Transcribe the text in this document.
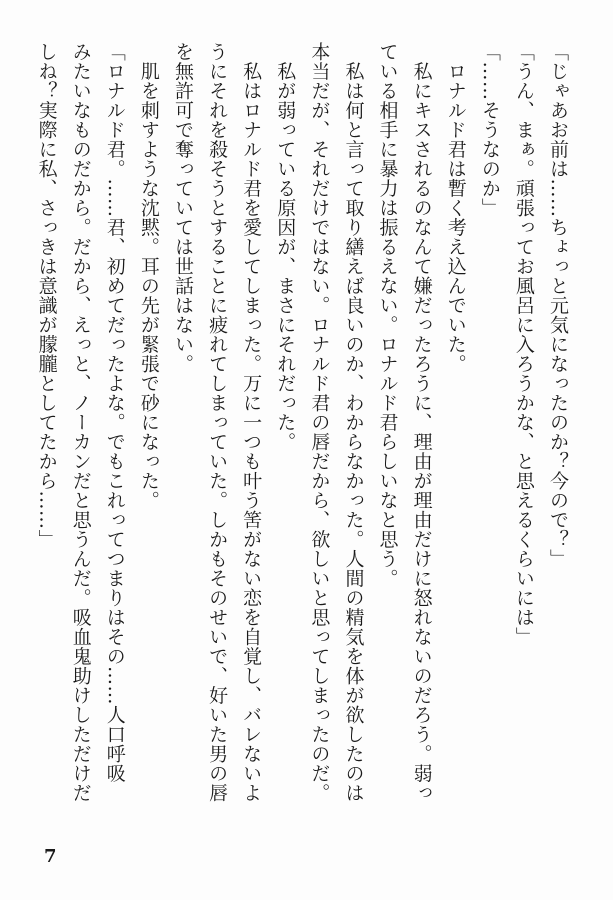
「じゃあお前は……ちょっと元気になったのか？今ので？」
「うん、まぁ。頑張ってお風呂に入ろうかな、と思えるくらいには」
「……そうなのか」
　ロナルド君は暫く考え込んでいた。
　私にキスされるのなんて嫌だったろうに、理由が理由だけに怒れないのだろう。弱っ
ている相手に暴力は振るえない。ロナルド君らしいなと思う。
　私は何と言って取り繕えば良いのか、わからなかった。人間の精気を体が欲したのは
本当だが、それだけではない。ロナルド君の唇だから、欲しいと思ってしまったのだ。
　私が弱っている原因が、まさにそれだった。
　私はロナルド君を愛してしまった。万に一つも叶う筈がない恋を自覚し、バレないよ
うにそれを殺そうとすることに疲れてしまっていた。しかもそのせいで、好いた男の唇
を無許可で奪っていては世話はない。
　肌を刺すような沈黙。耳の先が緊張で砂になった。
「ロナルド君。……君、初めてだったよな。でもこれってつまりはその……人口呼吸
みたいなものだから。だから、えっと、ノーカンだと思うんだ。吸血鬼助けしただけだ
しね？実際に私、さっきは意識が朦朧としてたから……」
7
